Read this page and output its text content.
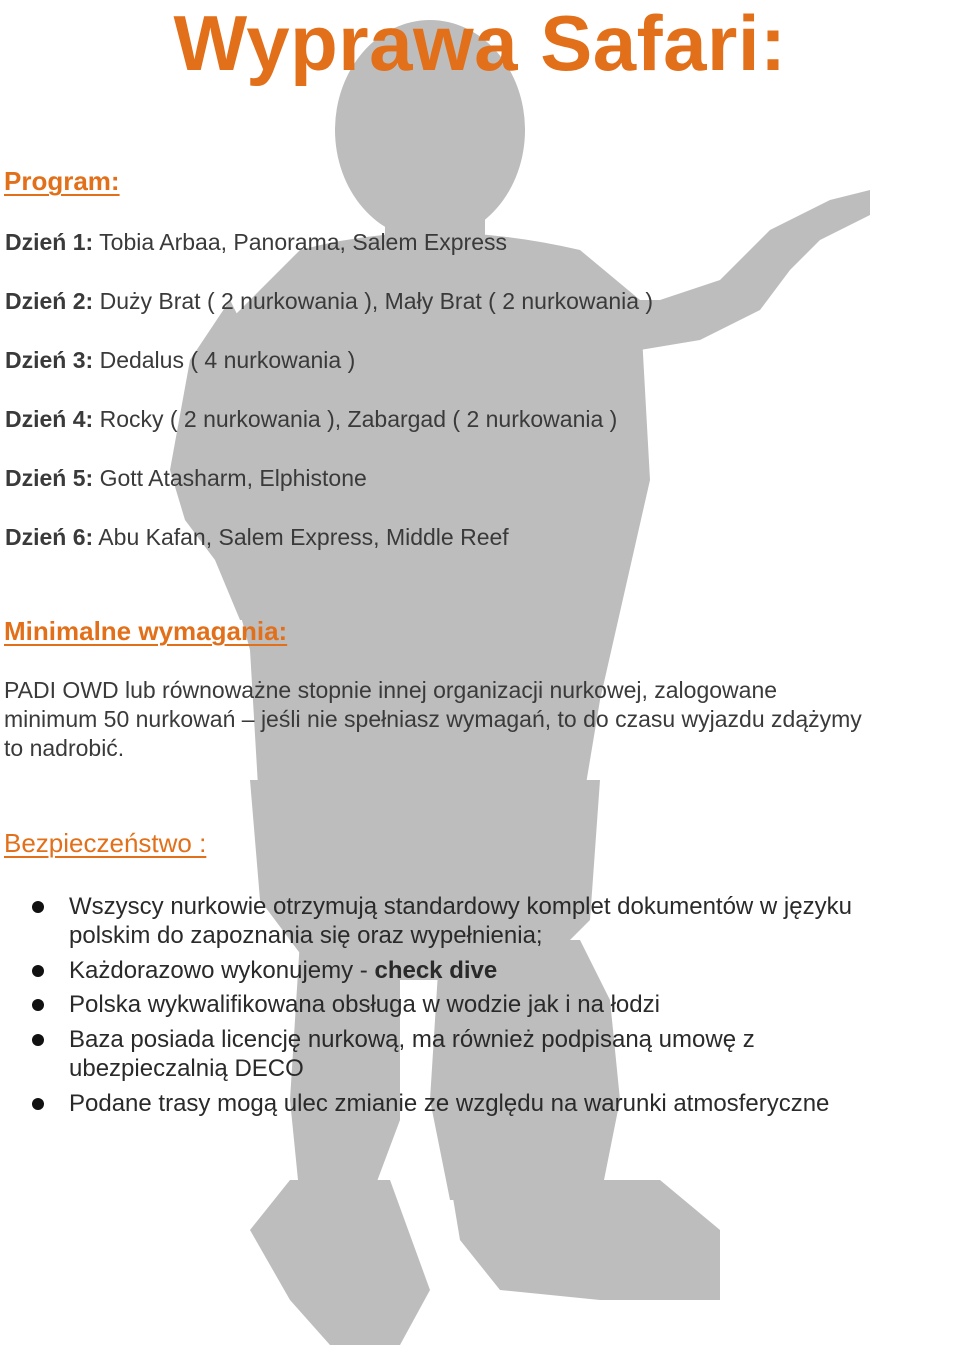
Wyprawa Safari:
Program:
Dzień 1: Tobia Arbaa, Panorama, Salem Express
Dzień 2: Duży Brat ( 2 nurkowania ), Mały Brat ( 2 nurkowania )
Dzień 3: Dedalus ( 4 nurkowania )
Dzień 4: Rocky ( 2 nurkowania ), Zabargad ( 2 nurkowania )
Dzień 5: Gott Atasharm, Elphistone
Dzień 6: Abu Kafan, Salem Express, Middle Reef
Minimalne wymagania:
PADI OWD lub równoważne stopnie innej organizacji nurkowej, zalogowane
minimum 50 nurkowań – jeśli nie spełniasz wymagań, to do czasu wyjazdu zdążymy
to nadrobić.
Bezpieczeństwo :
Wszyscy nurkowie otrzymują standardowy komplet dokumentów w języku
polskim do zapoznania się oraz wypełnienia;
Każdorazowo wykonujemy - check dive
Polska wykwalifikowana obsługa w wodzie jak i na łodzi
Baza posiada licencję nurkową, ma również podpisaną umowę z
ubezpieczalnią DECO
Podane trasy mogą ulec zmianie ze względu na warunki atmosferyczne
